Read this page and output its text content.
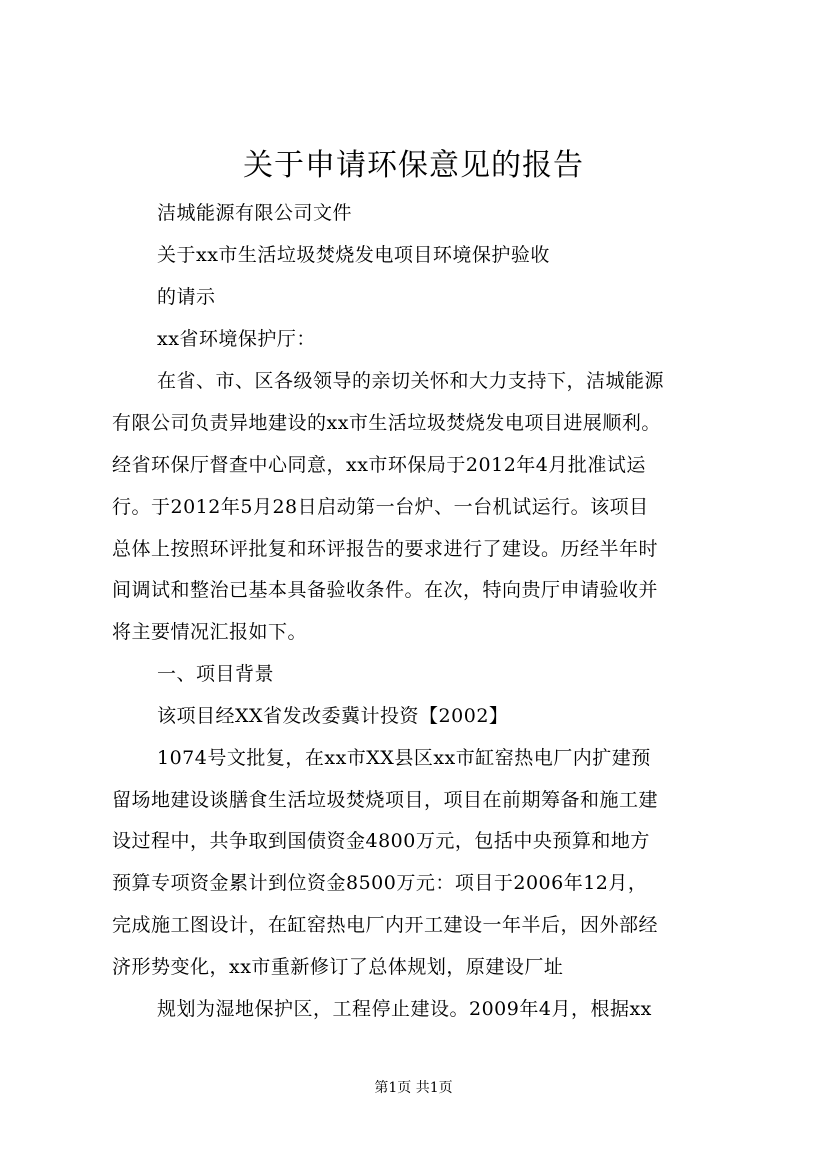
关于申请环保意见的报告
洁城能源有限公司文件
关于xx市生活垃圾焚烧发电项目环境保护验收
的请示
xx省环境保护厅：
在省、市、区各级领导的亲切关怀和大力支持下，洁城能源
有限公司负责异地建设的xx市生活垃圾焚烧发电项目进展顺利。
经省环保厅督查中心同意，xx市环保局于2012年4月批准试运
行。于2012年5月28日启动第一台炉、一台机试运行。该项目
总体上按照环评批复和环评报告的要求进行了建设。历经半年时
间调试和整治已基本具备验收条件。在次，特向贵厅申请验收并
将主要情况汇报如下。
一、项目背景
该项目经XX省发改委冀计投资【2002】
1074号文批复，在xx市XX县区xx市缸窑热电厂内扩建预
留场地建设谈膳食生活垃圾焚烧项目，项目在前期筹备和施工建
设过程中，共争取到国债资金4800万元，包括中央预算和地方
预算专项资金累计到位资金8500万元：项目于2006年12月，
完成施工图设计，在缸窑热电厂内开工建设一年半后，因外部经
济形势变化，xx市重新修订了总体规划，原建设厂址
规划为湿地保护区，工程停止建设。2009年4月，根据xx
第1页 共1页
